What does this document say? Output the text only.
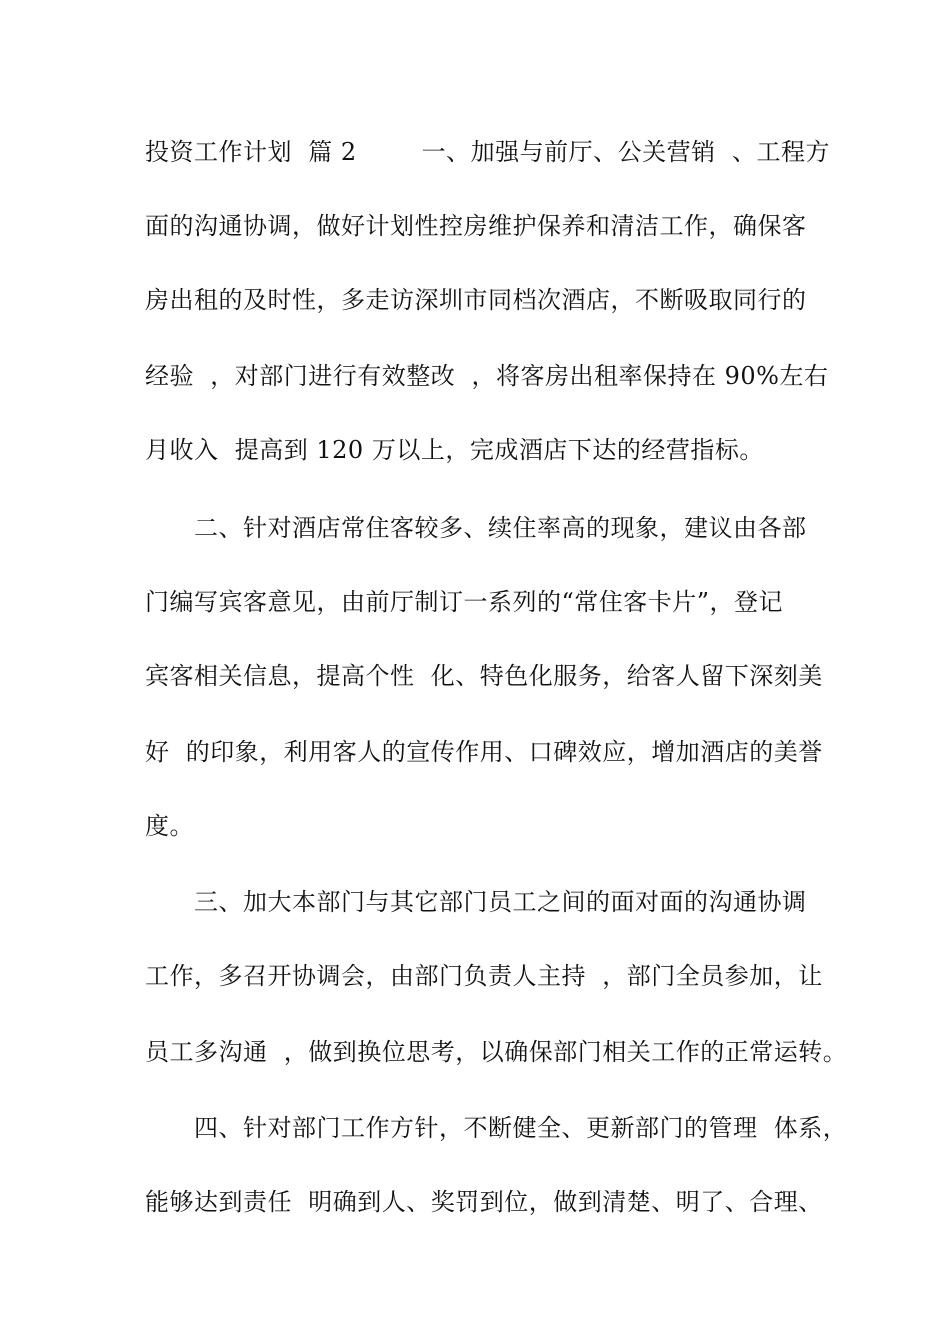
投资工作计划  篇 2        一、加强与前厅、公关营销  、工程方
面的沟通协调，做好计划性控房维护保养和清洁工作，确保客
房出租的及时性，多走访深圳市同档次酒店，不断吸取同行的
经验  ，对部门进行有效整改  ，将客房出租率保持在 90%左右
月收入  提高到 120 万以上，完成酒店下达的经营指标。
二、针对酒店常住客较多、续住率高的现象，建议由各部
门编写宾客意见，由前厅制订一系列的“常住客卡片”，登记
宾客相关信息，提高个性  化、特色化服务，给客人留下深刻美
好  的印象，利用客人的宣传作用、口碑效应，增加酒店的美誉
度。
三、加大本部门与其它部门员工之间的面对面的沟通协调
工作，多召开协调会，由部门负责人主持  ，部门全员参加，让
员工多沟通  ，做到换位思考，以确保部门相关工作的正常运转。
四、针对部门工作方针，不断健全、更新部门的管理  体系，
能够达到责任  明确到人、奖罚到位，做到清楚、明了、合理、
